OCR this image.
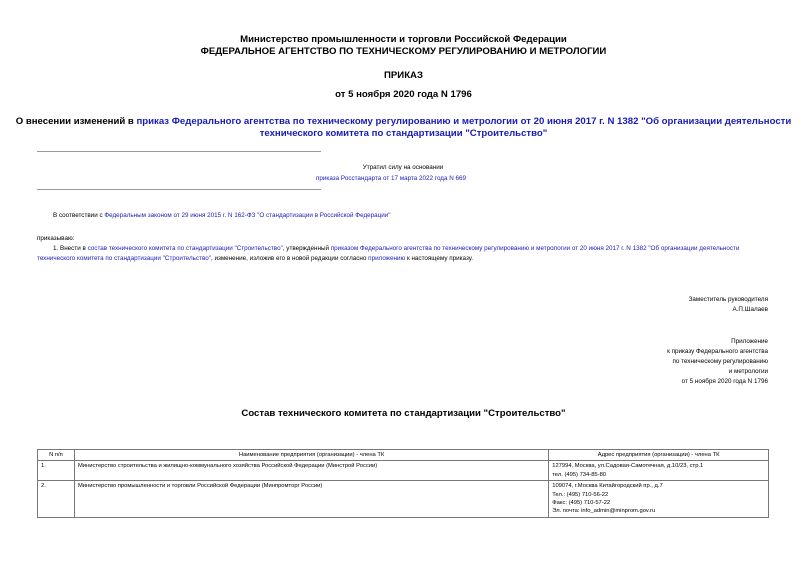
Министерство промышленности и торговли Российской Федерации
ФЕДЕРАЛЬНОЕ АГЕНТСТВО ПО ТЕХНИЧЕСКОМУ РЕГУЛИРОВАНИЮ И МЕТРОЛОГИИ
ПРИКАЗ
от 5 ноября 2020 года N 1796
О внесении изменений в приказ Федерального агентства по техническому регулированию и метрологии от 20 июня 2017 г. N 1382 "Об организации деятельности
технического комитета по стандартизации "Строительство"
Утратил силу на основании
приказа Росстандарта от 17 марта 2022 года N 669
В соответствии с Федеральным законом от 29 июня 2015 г. N 162-ФЗ "О стандартизации в Российской Федерации"
приказываю:
1. Внести в состав технического комитета по стандартизации "Строительство", утвержденный приказом Федерального агентства по техническому регулированию и метрологии от 20 июня 2017 г. N 1382 "Об организации деятельности технического комитета по стандартизации "Строительство", изменение, изложив его в новой редакции согласно приложению к настоящему приказу.
Заместитель руководителя
А.П.Шалаев
Приложение
к приказу Федерального агентства
по техническому регулированию
и метрологии
от 5 ноября 2020 года N 1796
Состав технического комитета по стандартизации "Строительство"
N п/п	Наименование предприятия (организации) - члена ТК	Адрес предприятия (организации) - члена ТК
1.	Министерство строительства и жилищно-коммунального хозяйства Российской Федерации (Минстрой России)	127994, Москва, ул.Садовая-Самотечная, д.10/23, стр.1
тел. (495) 734-85-80

2.	Министерство промышленности и торговли Российской Федерации (Минпромторг России)	109074, г.Москва Китайгородский пр., д.7
Тел.: (495) 710-56-22
Факс: (495) 710-57-22
Эл. почта: info_admin@minprom.gov.ru
